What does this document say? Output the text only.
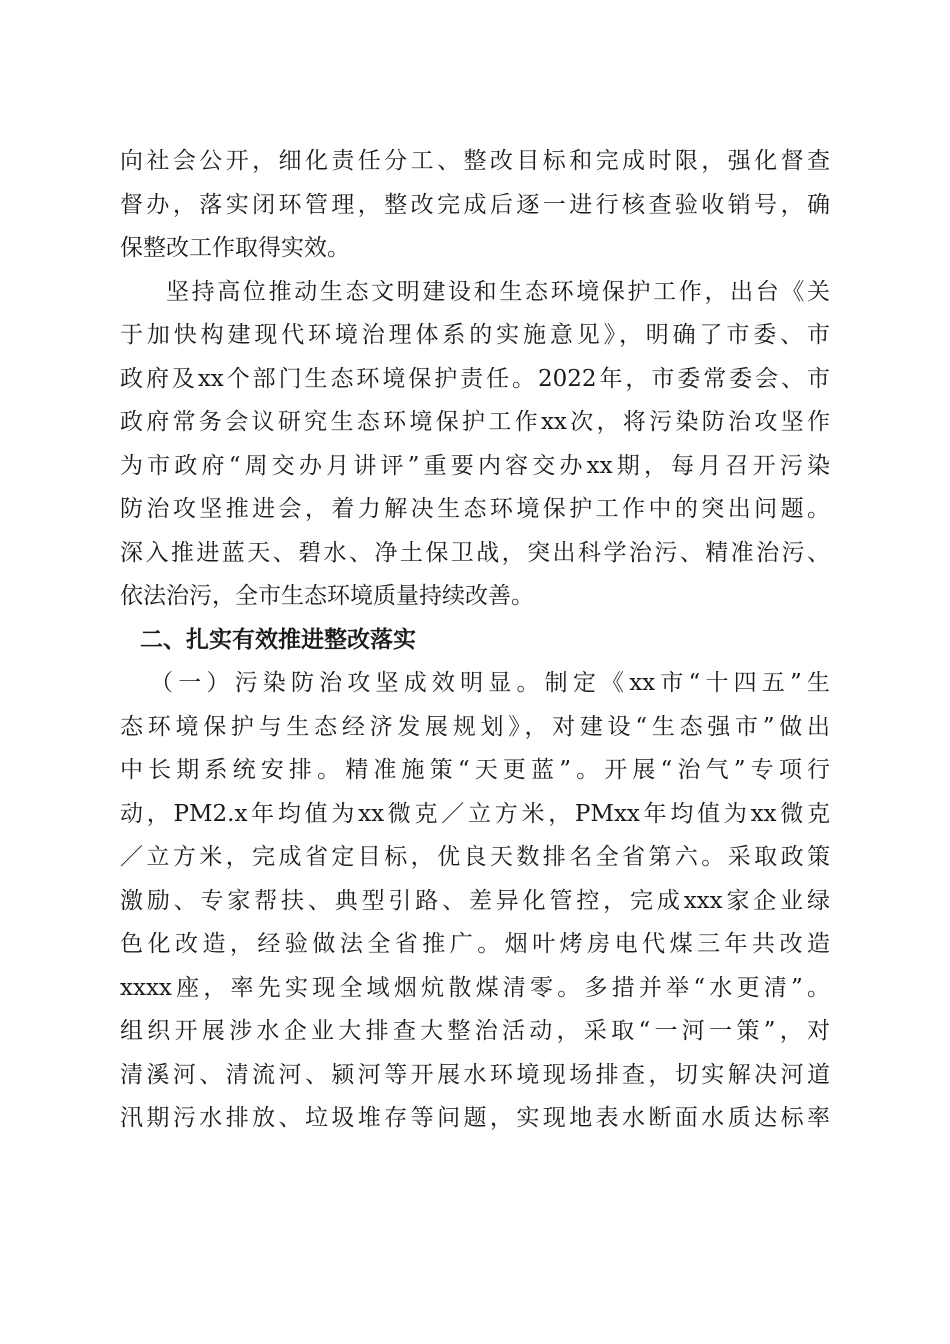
向社会公开，细化责任分工、整改目标和完成时限，强化督查
督办，落实闭环管理，整改完成后逐一进行核查验收销号，确
保整改工作取得实效。
坚持高位推动生态文明建设和生态环境保护工作，出台《关
于加快构建现代环境治理体系的实施意见》，明确了市委、市
政府及xx个部门生态环境保护责任。2022年，市委常委会、市
政府常务会议研究生态环境保护工作xx次，将污染防治攻坚作
为市政府“周交办月讲评”重要内容交办xx期，每月召开污染
防治攻坚推进会，着力解决生态环境保护工作中的突出问题。
深入推进蓝天、碧水、净土保卫战，突出科学治污、精准治污、
依法治污，全市生态环境质量持续改善。
二、扎实有效推进整改落实
（一）污染防治攻坚成效明显。制定《xx市“十四五”生
态环境保护与生态经济发展规划》，对建设“生态强市”做出
中长期系统安排。精准施策“天更蓝”。开展“治气”专项行
动，PM2.x年均值为xx微克／立方米，PMxx年均值为xx微克
／立方米，完成省定目标，优良天数排名全省第六。采取政策
激励、专家帮扶、典型引路、差异化管控，完成xxx家企业绿
色化改造，经验做法全省推广。烟叶烤房电代煤三年共改造
xxxx座，率先实现全域烟炕散煤清零。多措并举“水更清”。
组织开展涉水企业大排查大整治活动，采取“一河一策”，对
清溪河、清流河、颍河等开展水环境现场排查，切实解决河道
汛期污水排放、垃圾堆存等问题，实现地表水断面水质达标率
